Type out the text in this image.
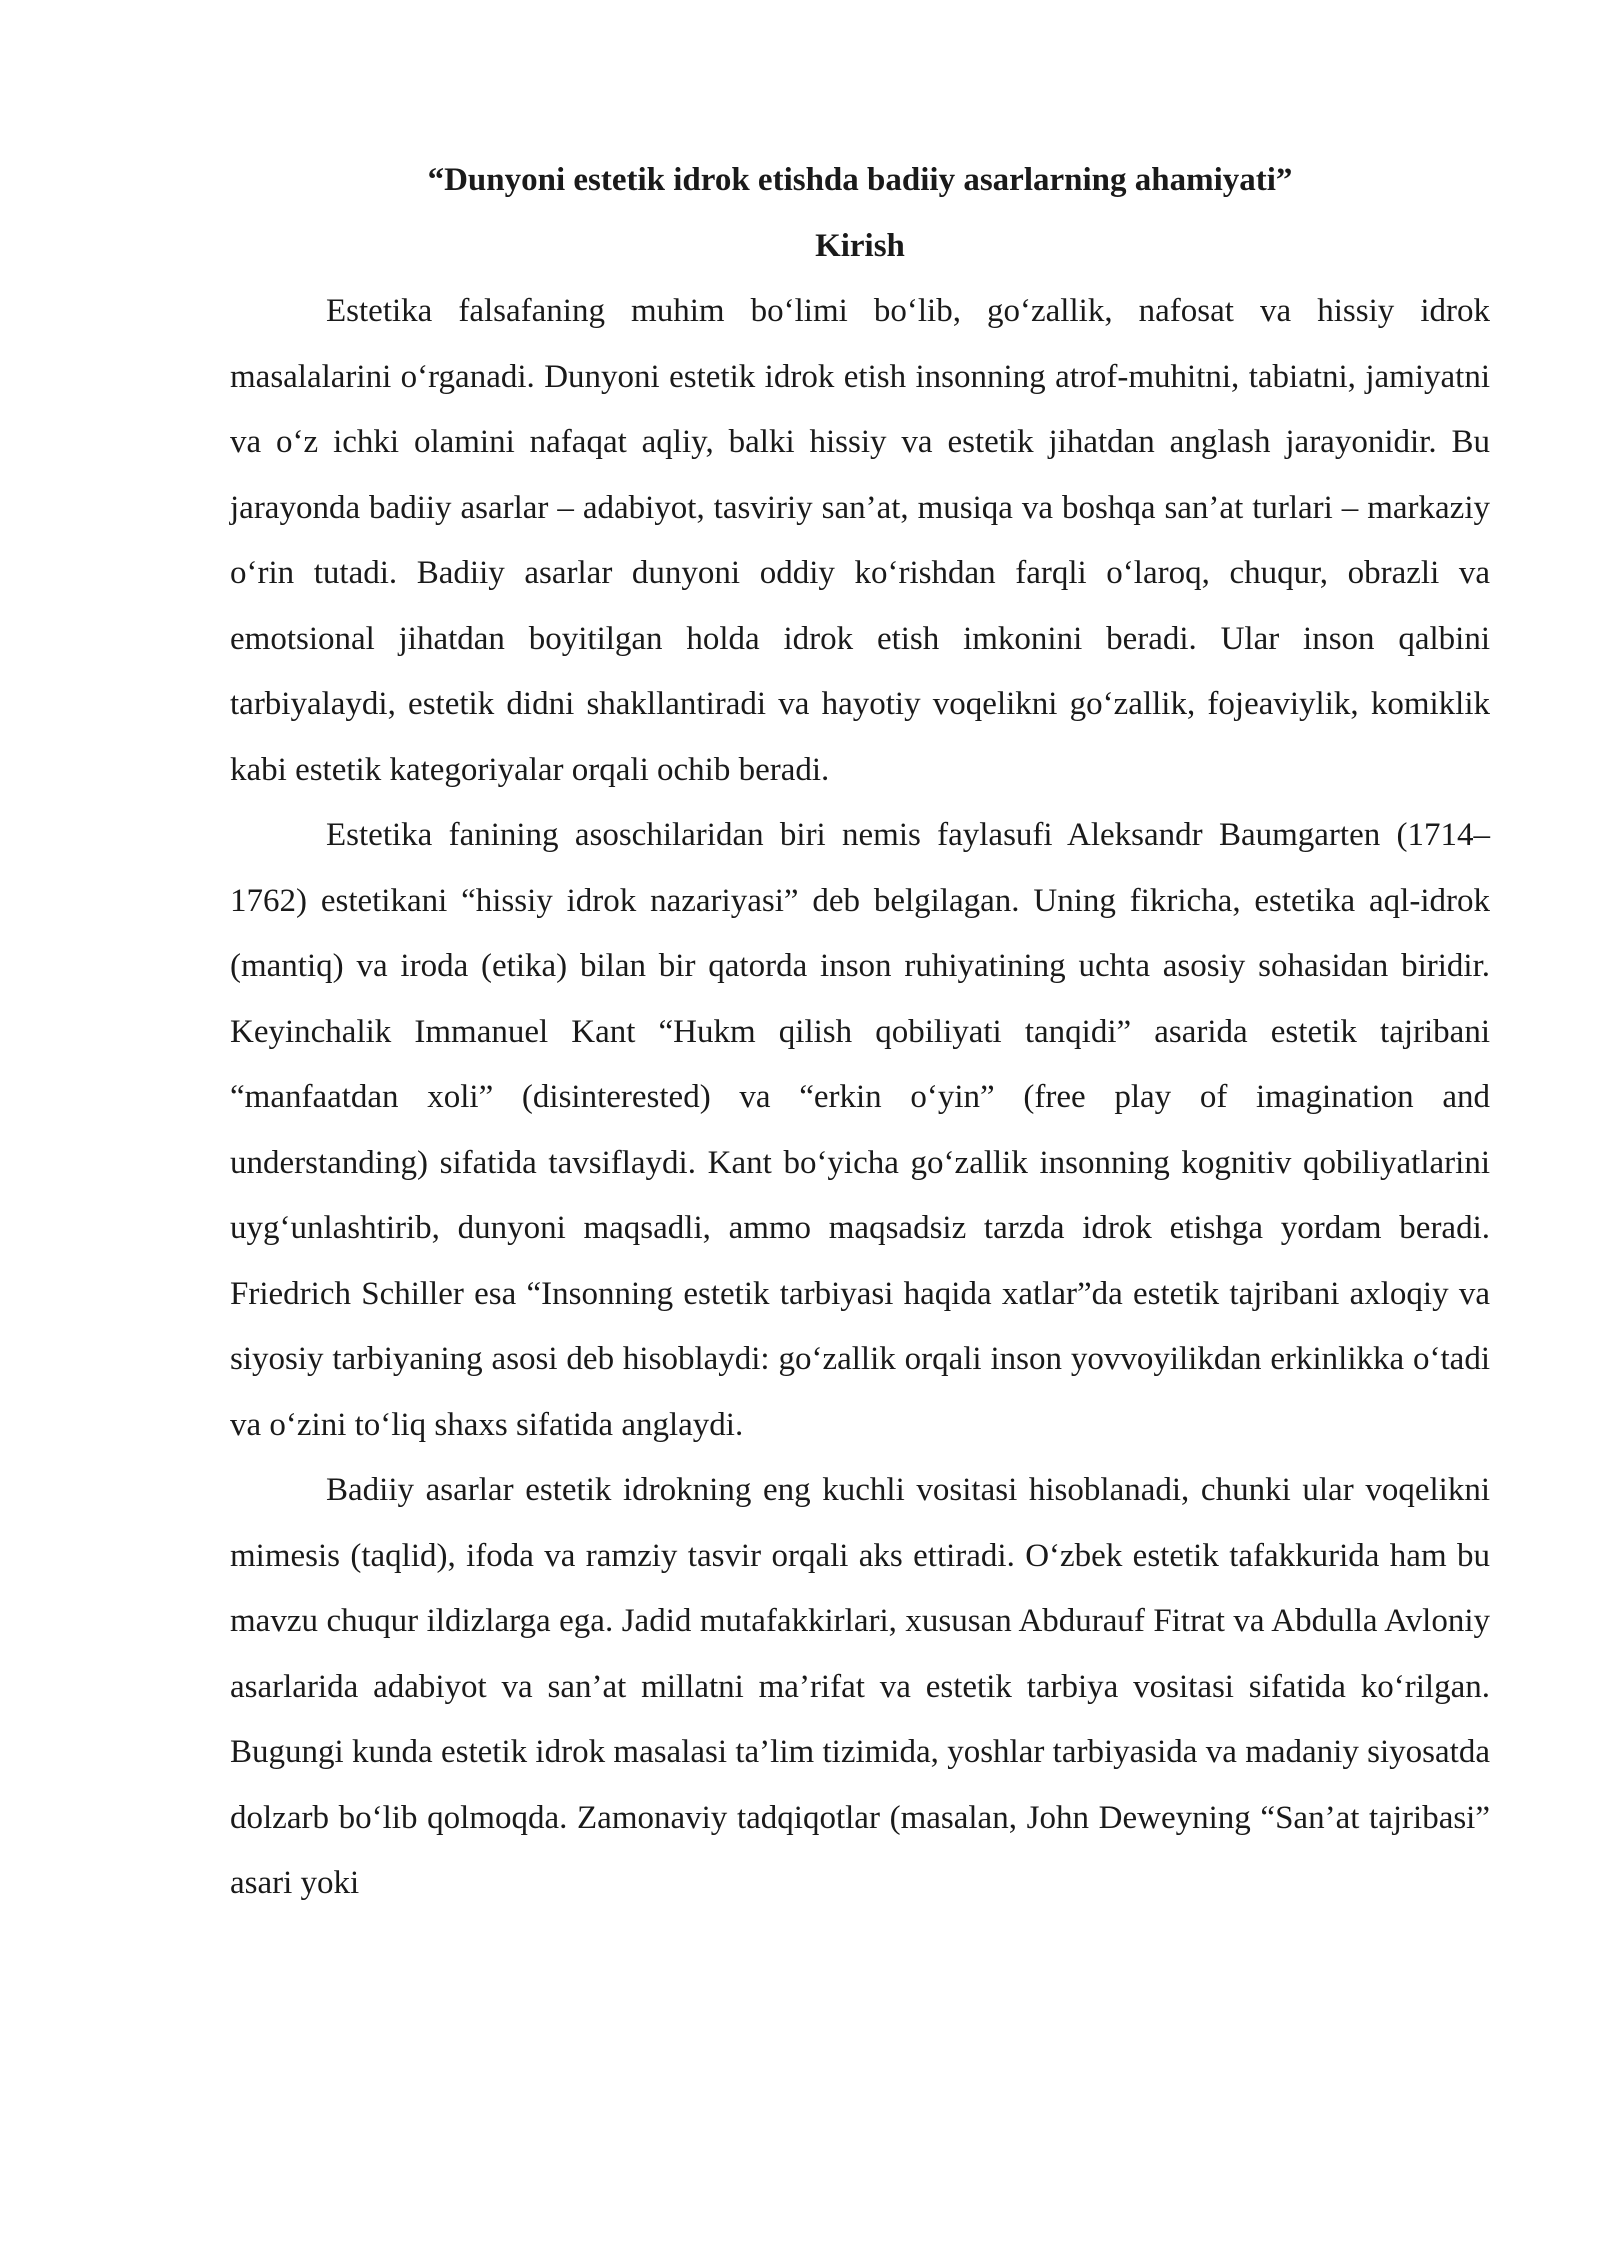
“Dunyoni estetik idrok etishda badiiy asarlarning ahamiyati”

Kirish

Estetika falsafaning muhim bo‘limi bo‘lib, go‘zallik, nafosat va hissiy idrok masalalarini o‘rganadi. Dunyoni estetik idrok etish insonning atrof-muhitni, tabiatni, jamiyatni va o‘z ichki olamini nafaqat aqliy, balki hissiy va estetik jihatdan anglash jarayonidir. Bu jarayonda badiiy asarlar – adabiyot, tasviriy san’at, musiqa va boshqa san’at turlari – markaziy o‘rin tutadi. Badiiy asarlar dunyoni oddiy ko‘rishdan farqli o‘laroq, chuqur, obrazli va emotsional jihatdan boyitilgan holda idrok etish imkonini beradi. Ular inson qalbini tarbiyalaydi, estetik didni shakllantiradi va hayotiy voqelikni go‘zallik, fojeaviylik, komiklik kabi estetik kategoriyalar orqali ochib beradi.

Estetika fanining asoschilaridan biri nemis faylasufi Aleksandr Baumgarten (1714–1762) estetikani “hissiy idrok nazariyasi” deb belgilagan. Uning fikricha, estetika aql-idrok (mantiq) va iroda (etika) bilan bir qatorda inson ruhiyatining uchta asosiy sohasidan biridir. Keyinchalik Immanuel Kant “Hukm qilish qobiliyati tanqidi” asarida estetik tajribani “manfaatdan xoli” (disinterested) va “erkin o‘yin” (free play of imagination and understanding) sifatida tavsiflaydi. Kant bo‘yicha go‘zallik insonning kognitiv qobiliyatlarini uyg‘unlashtirib, dunyoni maqsadli, ammo maqsadsiz tarzda idrok etishga yordam beradi. Friedrich Schiller esa “Insonning estetik tarbiyasi haqida xatlar”da estetik tajribani axloqiy va siyosiy tarbiyaning asosi deb hisoblaydi: go‘zallik orqali inson yovvoyilikdan erkinlikka o‘tadi va o‘zini to‘liq shaxs sifatida anglaydi.

Badiiy asarlar estetik idrokning eng kuchli vositasi hisoblanadi, chunki ular voqelikni mimesis (taqlid), ifoda va ramziy tasvir orqali aks ettiradi. O‘zbek estetik tafakkurida ham bu mavzu chuqur ildizlarga ega. Jadid mutafakkirlari, xususan Abdurauf Fitrat va Abdulla Avloniy asarlarida adabiyot va san’at millatni ma’rifat va estetik tarbiya vositasi sifatida ko‘rilgan. Bugungi kunda estetik idrok masalasi ta’lim tizimida, yoshlar tarbiyasida va madaniy siyosatda dolzarb bo‘lib qolmoqda. Zamonaviy tadqiqotlar (masalan, John Deweyning “San’at tajribasi” asari yoki
